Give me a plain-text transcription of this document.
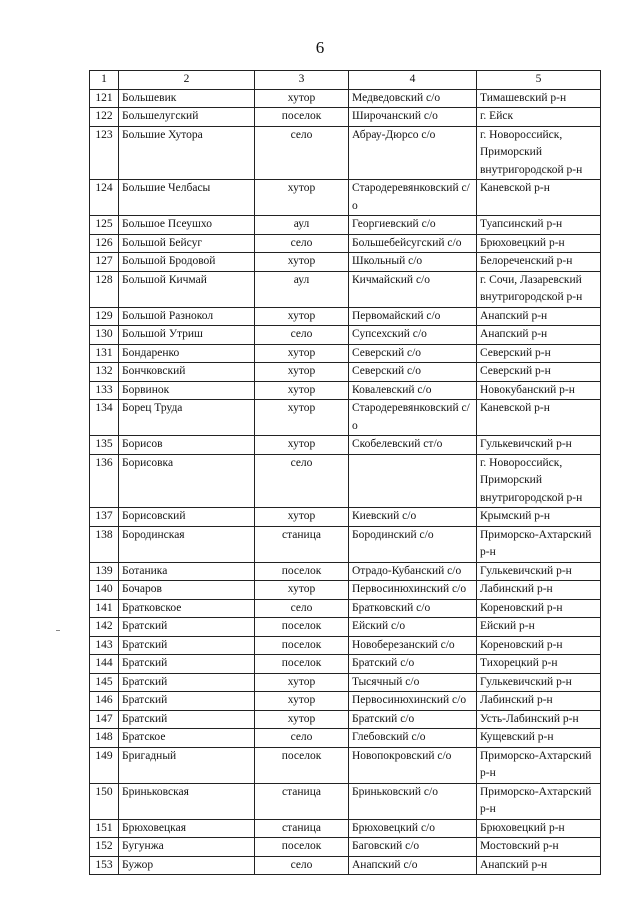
6
1	2	3	4	5
121	Большевик	хутор	Медведовский с/о	Тимашевский р-н
122	Большелугский	поселок	Широчанский с/о	г. Ейск
123	Большие Хутора	село	Абрау-Дюрсо с/о	г. Новороссийск, Приморский внутригородской р-н
124	Большие Челбасы	хутор	Стародеревянковский с/о	Каневской р-н
125	Большое Псеушхо	аул	Георгиевский с/о	Туапсинский р-н
126	Большой Бейсуг	село	Большебейсугский с/о	Брюховецкий р-н
127	Большой Бродовой	хутор	Школьный с/о	Белореченский р-н
128	Большой Кичмай	аул	Кичмайский с/о	г. Сочи, Лазаревский внутригородской р-н
129	Большой Разнокол	хутор	Первомайский с/о	Анапский р-н
130	Большой Утриш	село	Супсехский с/о	Анапский р-н
131	Бондаренко	хутор	Северский с/о	Северский р-н
132	Бончковский	хутор	Северский с/о	Северский р-н
133	Борвинок	хутор	Ковалевский с/о	Новокубанский р-н
134	Борец Труда	хутор	Стародеревянковский с/о	Каневской р-н
135	Борисов	хутор	Скобелевский ст/о	Гулькевичский р-н
136	Борисовка	село		г. Новороссийск, Приморский внутригородской р-н
137	Борисовский	хутор	Киевский с/о	Крымский р-н
138	Бородинская	станица	Бородинский с/о	Приморско-Ахтарский р-н
139	Ботаника	поселок	Отрадо-Кубанский с/о	Гулькевичский р-н
140	Бочаров	хутор	Первосинюхинский с/о	Лабинский р-н
141	Братковское	село	Братковский с/о	Кореновский р-н
142	Братский	поселок	Ейский с/о	Ейский р-н
143	Братский	поселок	Новоберезанский с/о	Кореновский р-н
144	Братский	поселок	Братский с/о	Тихорецкий р-н
145	Братский	хутор	Тысячный с/о	Гулькевичский р-н
146	Братский	хутор	Первосинюхинский с/о	Лабинский р-н
147	Братский	хутор	Братский с/о	Усть-Лабинский р-н
148	Братское	село	Глебовский с/о	Кущевский р-н
149	Бригадный	поселок	Новопокровский с/о	Приморско-Ахтарский р-н
150	Бриньковская	станица	Бриньковский с/о	Приморско-Ахтарский р-н
151	Брюховецкая	станица	Брюховецкий с/о	Брюховецкий р-н
152	Бугунжа	поселок	Баговский с/о	Мостовский р-н
153	Бужор	село	Анапский с/о	Анапский р-н
